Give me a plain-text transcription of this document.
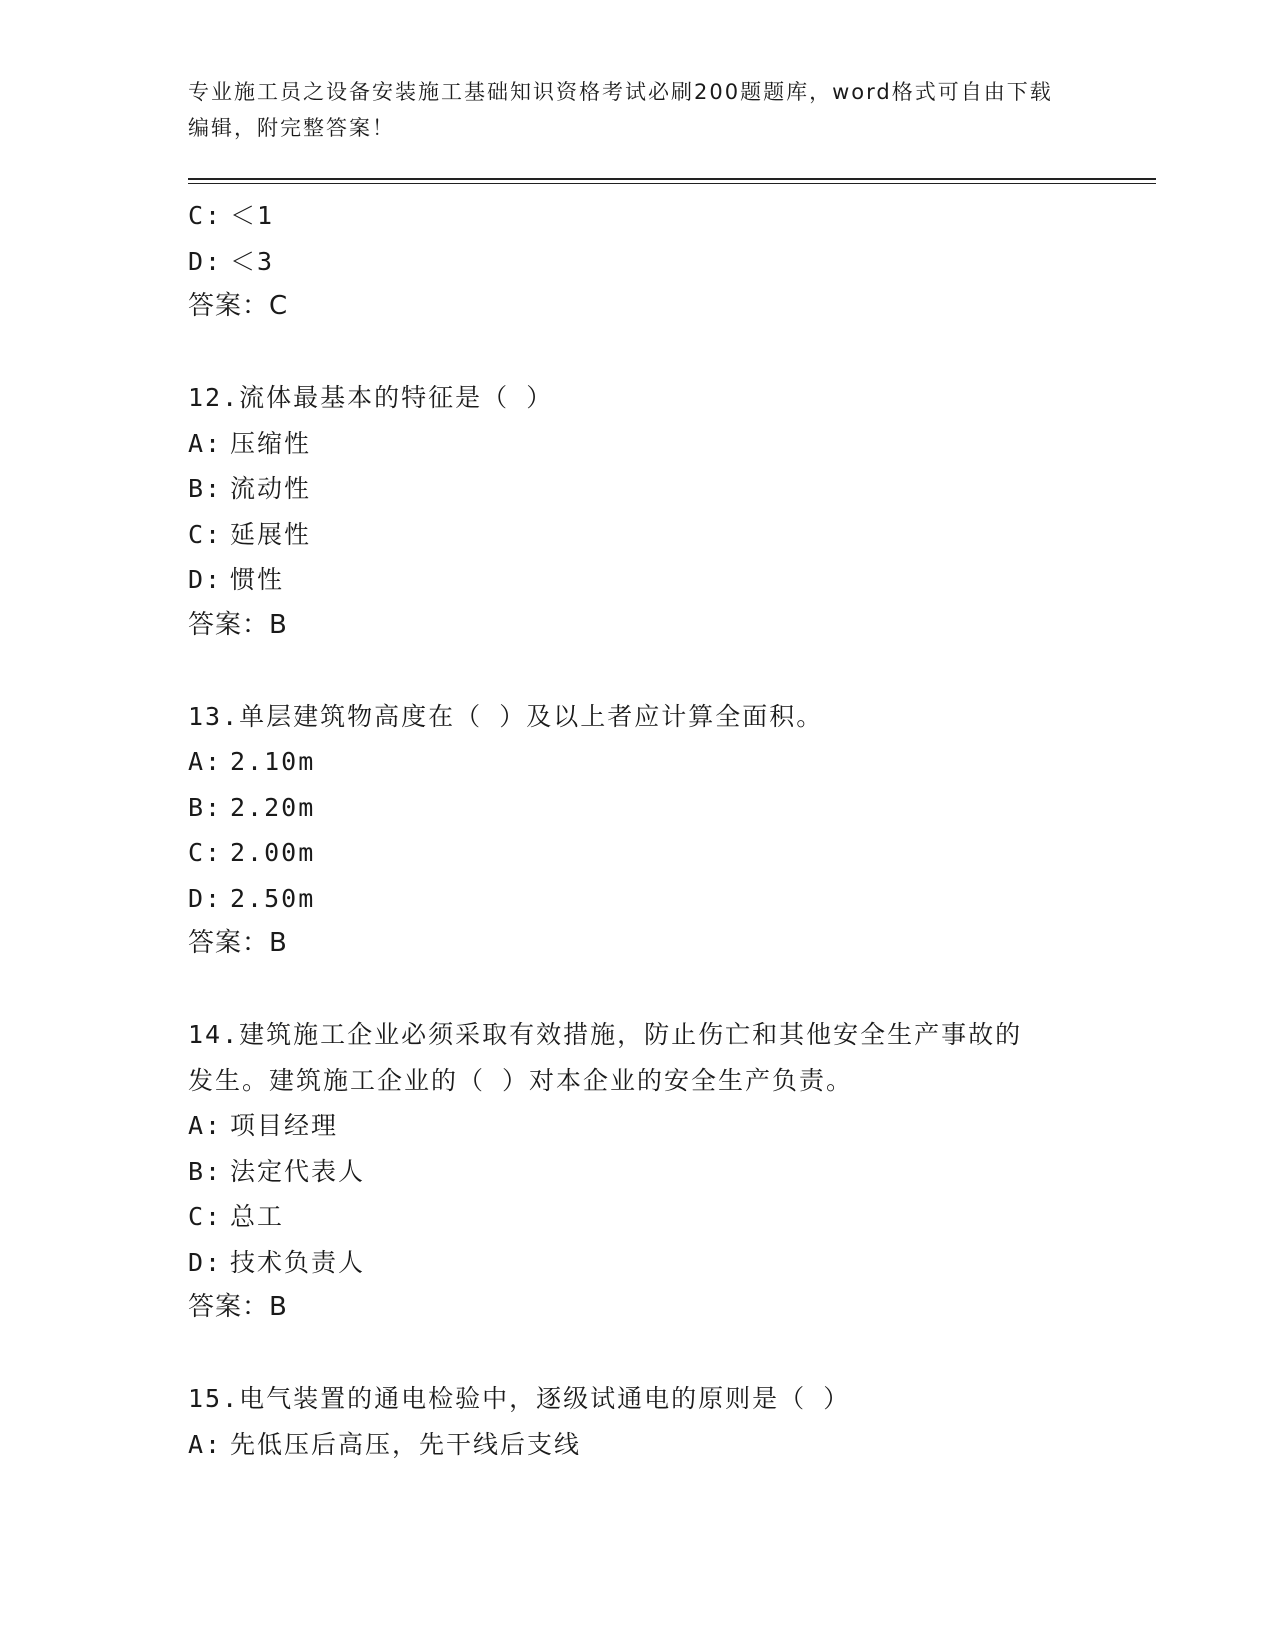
专业施工员之设备安装施工基础知识资格考试必刷200题题库，word格式可自由下载编辑，附完整答案！
C: ＜1
D: ＜3
答案：C
12.流体最基本的特征是（ ）
A: 压缩性
B: 流动性
C: 延展性
D: 惯性
答案：B
13.单层建筑物高度在（ ）及以上者应计算全面积。
A: 2.10m
B: 2.20m
C: 2.00m
D: 2.50m
答案：B
14.建筑施工企业必须采取有效措施，防止伤亡和其他安全生产事故的
发生。建筑施工企业的（ ）对本企业的安全生产负责。
A: 项目经理
B: 法定代表人
C: 总工
D: 技术负责人
答案：B
15.电气装置的通电检验中，逐级试通电的原则是（ ）
A: 先低压后高压，先干线后支线
